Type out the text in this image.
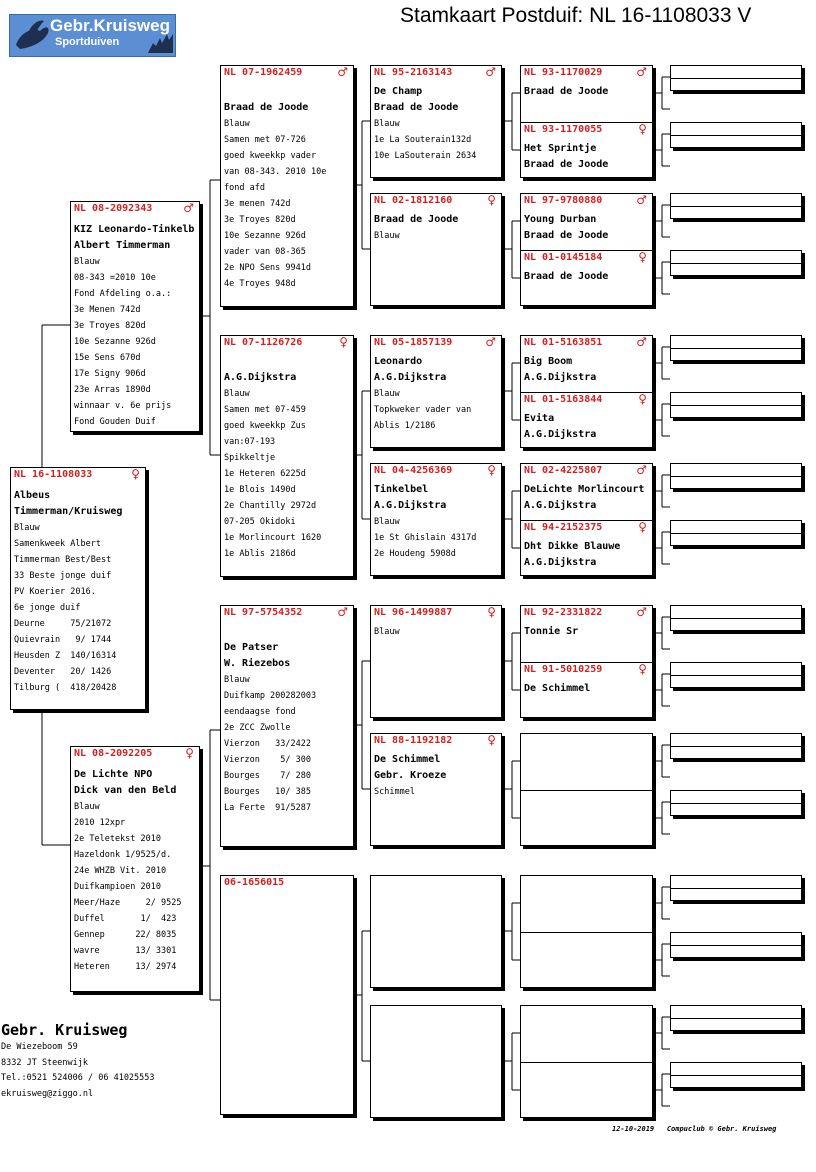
Stamkaart Postduif: NL 16-1108033 V
Gebr.Kruisweg
Sportduiven
NL 16-1108033	♀
Albeus
Timmerman/Kruisweg
Blauw
Samenkweek Albert
Timmerman Best/Best
33 Beste jonge duif
PV Koerier 2016.
6e jonge duif
Deurne     75/21072
Quievrain   9/ 1744
Heusden Z  140/16314
Deventer   20/ 1426
Tilburg (  418/20428
NL 08-2092343	♂
KIZ Leonardo-Tinkelb
Albert Timmerman
Blauw
08-343 =2010 10e
Fond Afdeling o.a.:
3e Menen 742d
3e Troyes 820d
10e Sezanne 926d
15e Sens 670d
17e Signy 906d
23e Arras 1890d
winnaar v. 6e prijs
Fond Gouden Duif
NL 08-2092205	♀
De Lichte NPO
Dick van den Beld
Blauw
2010 12xpr
2e Teletekst 2010
Hazeldonk 1/9525/d.
24e WHZB Vit. 2010
Duifkampioen 2010
Meer/Haze     2/ 9525
Duffel       1/  423
Gennep      22/ 8035
wavre       13/ 3301
Heteren     13/ 2974
NL 07-1962459	♂
Braad de Joode
Blauw
Samen met 07-726
goed kweekkp vader
van 08-343. 2010 10e
fond afd
3e menen 742d
3e Troyes 820d
10e Sezanne 926d
vader van 08-365
2e NPO Sens 9941d
4e Troyes 948d
NL 07-1126726	♀
A.G.Dijkstra
Blauw
Samen met 07-459
goed kweekkp Zus
van:07-193
Spikkeltje
1e Heteren 6225d
1e Blois 1490d
2e Chantilly 2972d
07-205 Okidoki
1e Morlincourt 1620
1e Ablis 2186d
NL 97-5754352	♂
De Patser
W. Riezebos
Blauw
Duifkamp 200282003
eendaagse fond
2e ZCC Zwolle
Vierzon   33/2422
Vierzon    5/ 300
Bourges    7/ 280
Bourges   10/ 385
La Ferte  91/5287
06-1656015
NL 95-2163143	♂
De Champ
Braad de Joode
Blauw
1e La Souterain132d
10e LaSouterain 2634
NL 02-1812160	♀
Braad de Joode
Blauw
NL 05-1857139	♂
Leonardo
A.G.Dijkstra
Blauw
Topkweker vader van
Ablis 1/2186
NL 04-4256369	♀
Tinkelbel
A.G.Dijkstra
Blauw
1e St Ghislain 4317d
2e Houdeng 5908d
NL 96-1499887	♀
Blauw
NL 88-1192182	♀
De Schimmel
Gebr. Kroeze
Schimmel
NL 93-1170029	♂
Braad de Joode
NL 93-1170055	♀
Het Sprintje
Braad de Joode
NL 97-9780880	♂
Young Durban
Braad de Joode
NL 01-0145184	♀
Braad de Joode
NL 01-5163851	♂
Big Boom
A.G.Dijkstra
NL 01-5163844	♀
Evita
A.G.Dijkstra
NL 02-4225807	♂
DeLichte Morlincourt
A.G.Dijkstra
NL 94-2152375	♀
Dht Dikke Blauwe
A.G.Dijkstra
NL 92-2331822	♂
Tonnie Sr
NL 91-5010259	♀
De Schimmel
Gebr. Kruisweg
De Wiezeboom 59
8332 JT Steenwijk
Tel.:0521 524006 / 06 41025553
ekruisweg@ziggo.nl
12-10-2019 Compuclub © Gebr. Kruisweg
